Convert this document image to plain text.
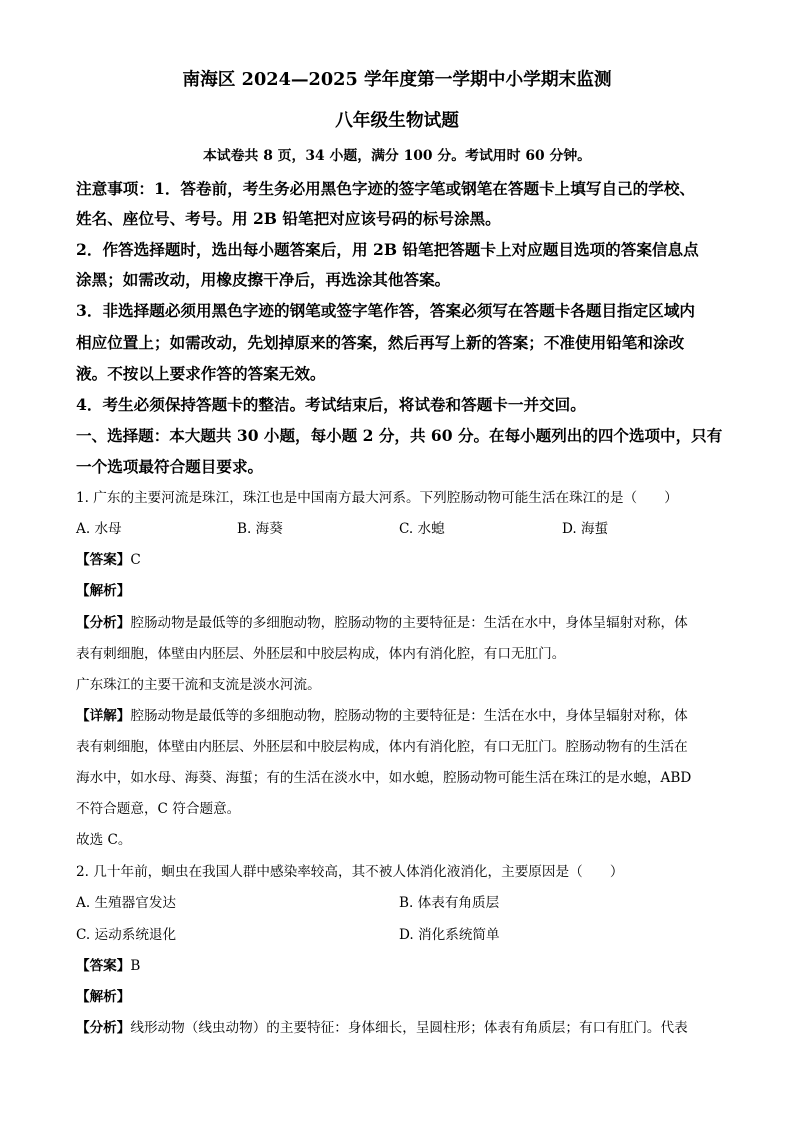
南海区 2024—2025 学年度第一学期中小学期末监测
八年级生物试题
本试卷共 8 页，34 小题，满分 100 分。考试用时 60 分钟。
注意事项：1．答卷前，考生务必用黑色字迹的签字笔或钢笔在答题卡上填写自己的学校、
姓名、座位号、考号。用 2B 铅笔把对应该号码的标号涂黑。
2．作答选择题时，选出每小题答案后，用 2B 铅笔把答题卡上对应题目选项的答案信息点
涂黑；如需改动，用橡皮擦干净后，再选涂其他答案。
3．非选择题必须用黑色字迹的钢笔或签字笔作答，答案必须写在答题卡各题目指定区域内
相应位置上；如需改动，先划掉原来的答案，然后再写上新的答案；不准使用铅笔和涂改
液。不按以上要求作答的答案无效。
4．考生必须保持答题卡的整洁。考试结束后，将试卷和答题卡一并交回。
一、选择题：本大题共 30 小题，每小题 2 分，共 60 分。在每小题列出的四个选项中，只有
一个选项最符合题目要求。
1. 广东的主要河流是珠江，珠江也是中国南方最大河系。下列腔肠动物可能生活在珠江的是（　　）
A. 水母	B. 海葵	C. 水螅	D. 海蜇
【答案】C
【解析】
【分析】腔肠动物是最低等的多细胞动物，腔肠动物的主要特征是：生活在水中，身体呈辐射对称，体
表有刺细胞，体壁由内胚层、外胚层和中胶层构成，体内有消化腔，有口无肛门。
广东珠江的主要干流和支流是淡水河流。
【详解】腔肠动物是最低等的多细胞动物，腔肠动物的主要特征是：生活在水中，身体呈辐射对称，体
表有刺细胞，体壁由内胚层、外胚层和中胶层构成，体内有消化腔，有口无肛门。腔肠动物有的生活在
海水中，如水母、海葵、海蜇；有的生活在淡水中，如水螅，腔肠动物可能生活在珠江的是水螅，ABD
不符合题意，C 符合题意。
故选 C。
2. 几十年前，蛔虫在我国人群中感染率较高，其不被人体消化液消化，主要原因是（　　）
A. 生殖器官发达	B. 体表有角质层
C. 运动系统退化	D. 消化系统简单
【答案】B
【解析】
【分析】线形动物（线虫动物）的主要特征：身体细长，呈圆柱形；体表有角质层；有口有肛门。代表
